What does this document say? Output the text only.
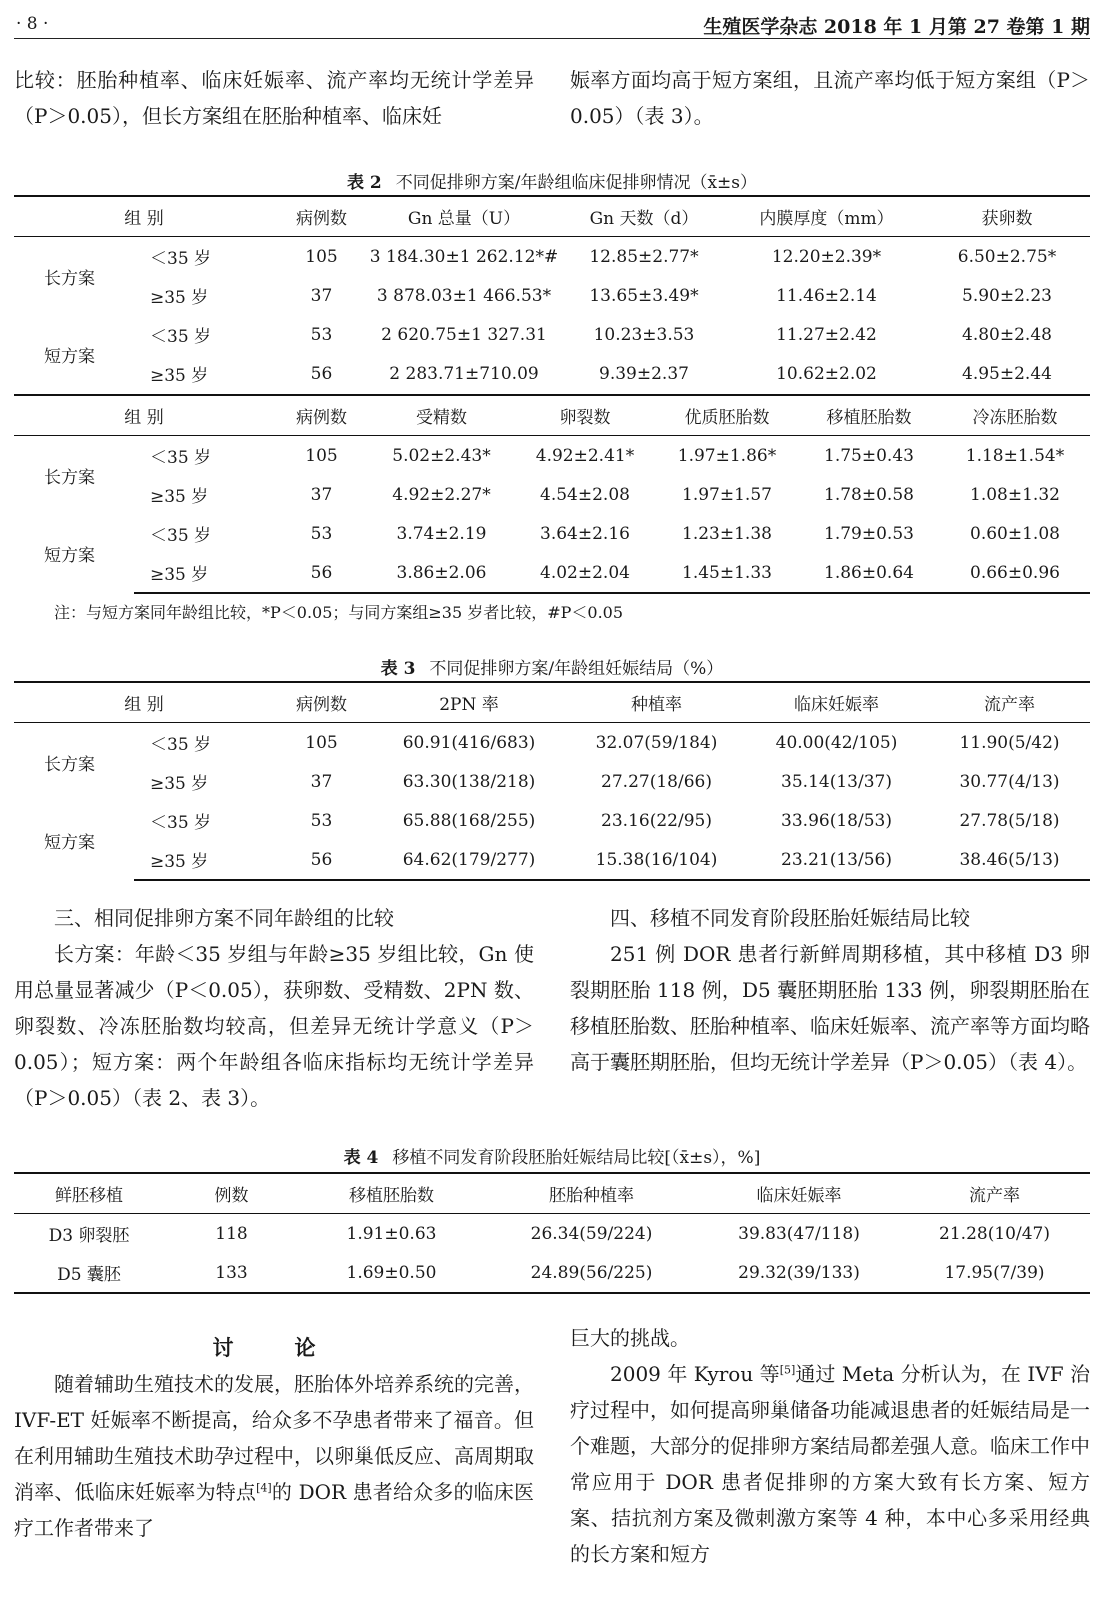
· 8 ·	生殖医学杂志 2018 年 1 月第 27 卷第 1 期

比较：胚胎种植率、临床妊娠率、流产率均无统计学差异（P＞0.05），但长方案组在胚胎种植率、临床妊

娠率方面均高于短方案组，且流产率均低于短方案组（P＞0.05）（表 3）。

表 2 不同促排卵方案/年龄组临床促排卵情况（x̄±s）
组 别		病例数	Gn 总量（U）	Gn 天数（d）	内膜厚度（mm）	获卵数
长方案	＜35 岁	105	3 184.30±1 262.12*#	12.85±2.77*	12.20±2.39*	6.50±2.75*
	≥35 岁	37	3 878.03±1 466.53*	13.65±3.49*	11.46±2.14	5.90±2.23
短方案	＜35 岁	53	2 620.75±1 327.31	10.23±3.53	11.27±2.42	4.80±2.48
	≥35 岁	56	2 283.71±710.09	9.39±2.37	10.62±2.02	4.95±2.44
组 别		病例数	受精数	卵裂数	优质胚胎数	移植胚胎数	冷冻胚胎数
长方案	＜35 岁	105	5.02±2.43*	4.92±2.41*	1.97±1.86*	1.75±0.43	1.18±1.54*
	≥35 岁	37	4.92±2.27*	4.54±2.08	1.97±1.57	1.78±0.58	1.08±1.32
短方案	＜35 岁	53	3.74±2.19	3.64±2.16	1.23±1.38	1.79±0.53	0.60±1.08
	≥35 岁	56	3.86±2.06	4.02±2.04	1.45±1.33	1.86±0.64	0.66±0.96
注：与短方案同年龄组比较，*P＜0.05；与同方案组≥35 岁者比较，#P＜0.05
表 3 不同促排卵方案/年龄组妊娠结局（%）
组 别		病例数	2PN 率	种植率	临床妊娠率	流产率
长方案	＜35 岁	105	60.91(416/683)	32.07(59/184)	40.00(42/105)	11.90(5/42)
	≥35 岁	37	63.30(138/218)	27.27(18/66)	35.14(13/37)	30.77(4/13)
短方案	＜35 岁	53	65.88(168/255)	23.16(22/95)	33.96(18/53)	27.78(5/18)
	≥35 岁	56	64.62(179/277)	15.38(16/104)	23.21(13/56)	38.46(5/13)

三、相同促排卵方案不同年龄组的比较

长方案：年龄＜35 岁组与年龄≥35 岁组比较，Gn 使用总量显著减少（P＜0.05），获卵数、受精数、2PN 数、卵裂数、冷冻胚胎数均较高，但差异无统计学意义（P＞0.05）；短方案：两个年龄组各临床指标均无统计学差异（P＞0.05）（表 2、表 3）。

四、移植不同发育阶段胚胎妊娠结局比较

251 例 DOR 患者行新鲜周期移植，其中移植 D3 卵裂期胚胎 118 例，D5 囊胚期胚胎 133 例，卵裂期胚胎在移植胚胎数、胚胎种植率、临床妊娠率、流产率等方面均略高于囊胚期胚胎，但均无统计学差异（P＞0.05）（表 4）。

表 4 移植不同发育阶段胚胎妊娠结局比较[（x̄±s），%]
鲜胚移植	例数	移植胚胎数	胚胎种植率	临床妊娠率	流产率
D3 卵裂胚	118	1.91±0.63	26.34(59/224)	39.83(47/118)	21.28(10/47)
D5 囊胚	133	1.69±0.50	24.89(56/225)	29.32(39/133)	17.95(7/39)

讨　论

随着辅助生殖技术的发展，胚胎体外培养系统的完善，IVF-ET 妊娠率不断提高，给众多不孕患者带来了福音。但在利用辅助生殖技术助孕过程中，以卵巢低反应、高周期取消率、低临床妊娠率为特点[4]的 DOR 患者给众多的临床医疗工作者带来了

巨大的挑战。

2009 年 Kyrou 等[5]通过 Meta 分析认为，在 IVF 治疗过程中，如何提高卵巢储备功能减退患者的妊娠结局是一个难题，大部分的促排卵方案结局都差强人意。临床工作中常应用于 DOR 患者促排卵的方案大致有长方案、短方案、拮抗剂方案及微刺激方案等 4 种，本中心多采用经典的长方案和短方
